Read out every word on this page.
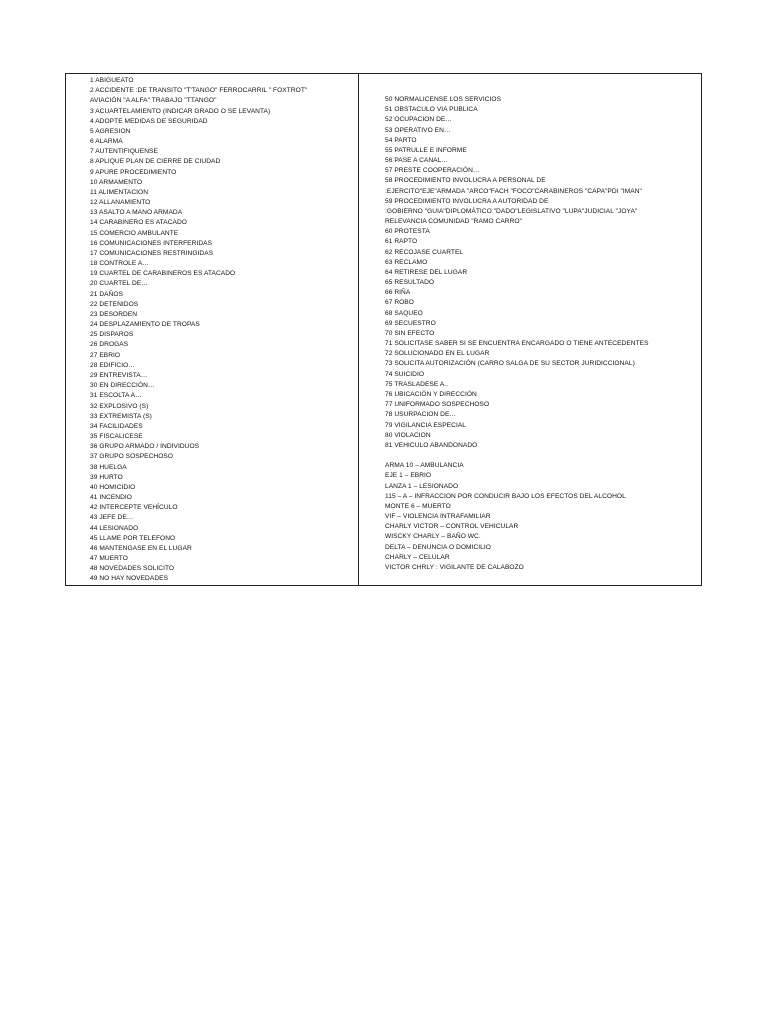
1 ABIGUEATO
2 ACCIDENTE :DE TRANSITO "T'TANGO" FERROCARRIL " FOXTROT"
AVIACIÓN "A ALFA" TRABAJO "TTANGO"
3 ACUARTELAMIENTO (INDICAR GRADO O SE LEVANTA)
4 ADOPTE MEDIDAS DE SEGURIDAD
5 AGRESION
6 ALARMA
7 AUTENTIFIQUENSE
8 APLIQUE PLAN DE CIERRE DE CIUDAD
9 APURE PROCEDIMIENTO
10 ARMAMENTO
11 ALIMENTACION
12 ALLANAMIENTO
13 ASALTO A MANO ARMADA
14 CARABINERO ES ATACADO
15 COMERCIO AMBULANTE
16 COMUNICACIONES INTERFERIDAS
17 COMUNICACIONES RESTRINGIDAS
18 CONTROLE A…
19 CUARTEL DE CARABINEROS ES ATACADO
20 CUARTEL DE…
21 DAÑOS
22 DETENIDOS
23 DESORDEN
24 DESPLAZAMIENTO DE TROPAS
25 DISPAROS
26 DROGAS
27 EBRIO
28 EDIFICIO…
29 ENTREVISTA…
30 EN DIRECCIÓN…
31 ESCOLTA A…
32 EXPLOSIVO (S)
33 EXTREMISTA (S)
34 FACILIDADES
35 FISCALICESE
36 GRUPO ARMADO / INDIVIDUOS
37 GRUPO SOSPECHOSO
38 HUELGA
39 HURTO
40 HOMICIDIO
41 INCENDIO
42 INTERCEPTE VEHÍCULO
43 JEFE DE…
44 LESIONADO
45 LLAME POR TELEFONO
46 MANTENGASE EN EL LUGAR
47 MUERTO
48 NOVEDADES SOLICITO
49 NO HAY NOVEDADES
50 NORMALICENSE LOS SERVICIOS
51 OBSTACULO VIA PUBLICA
52 OCUPACION DE…
53 OPERATIVO EN…
54 PARTO
55 PATRULLE E INFORME
56 PASE A CANAL…
57 PRESTE COOPERACIÓN…
58 PROCEDIMIENTO INVOLUCRA A PERSONAL DE
:EJERCITO"EJE"ARMADA "ARCO"FACH "FOCO"CARABINEROS "CAPA"PDI "IMAN"
59 PROCEDIMIENTO INVOLUCRA A AUTORIDAD DE
:GOBIERNO "GUIA"DIPLOMÁTICO "DADO"LEGISLATIVO "LUPA"JUDICIAL "JOYA"
RELEVANCIA COMUNIDAD "RAMO CARRO"
60 PROTESTA
61 RAPTO
62 RECOJASE CUARTEL
63 RECLAMO
64 RETIRESE DEL LUGAR
65 RESULTADO
66 RIÑA
67 ROBO
68 SAQUEO
69 SECUESTRO
70 SIN EFECTO
71 SOLICITASE SABER SI SE ENCUENTRA ENCARGADO O TIENE ANTECEDENTES
72 SOLUCIONADO EN EL LUGAR
73 SOLICITA AUTORIZACIÓN (CARRO SALGA DE SU SECTOR JURIDICCIONAL)
74 SUICIDIO
75 TRASLADESE A..
76 UBICACIÓN Y DIRECCIÓN
77 UNIFORMADO SOSPECHOSO
78 USURPACION DE…
79 VIGILANCIA ESPECIAL
80 VIOLACION
81 VEHICULO ABANDONADO
ARMA 10 – AMBULANCIA
EJE 1 – EBRIO
LANZA 1 – LESIONADO
115 – A – INFRACCION POR CONDUCIR BAJO LOS EFECTOS DEL ALCOHOL
MONTE 6 – MUERTO
VIF – VIOLENCIA INTRAFAMILIAR
CHARLY VICTOR – CONTROL VEHICULAR
WISCKY CHARLY – BAÑO WC.
DELTA – DENUNCIA O DOMICILIO
CHARLY – CELULAR
VICTOR CHRLY : VIGILANTE DE CALABOZO
